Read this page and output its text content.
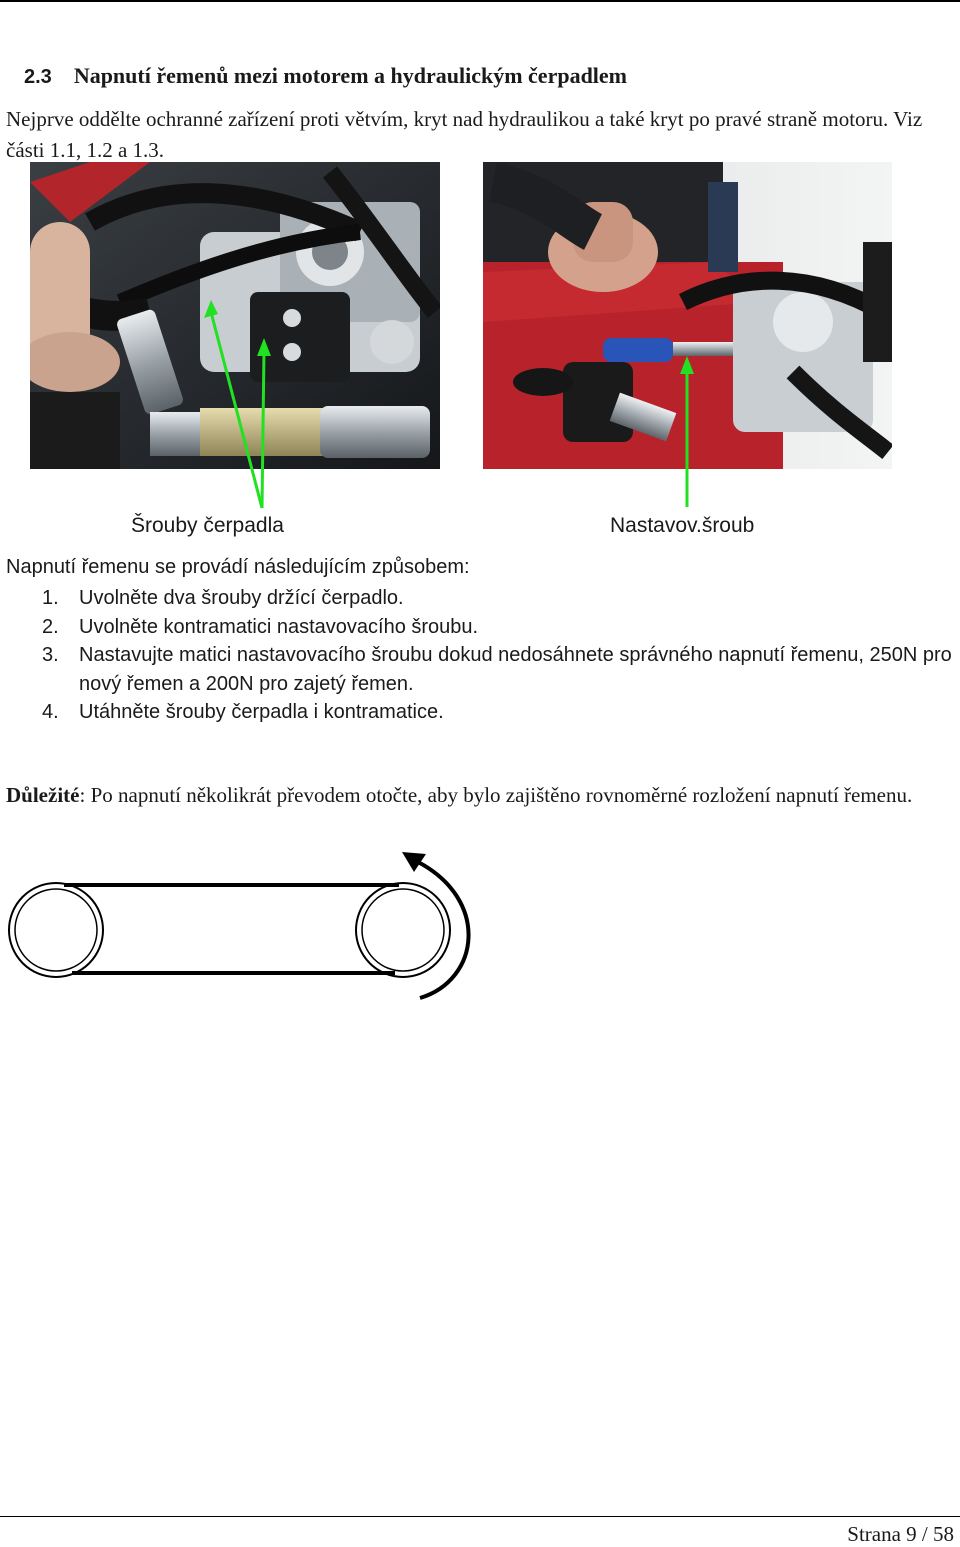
2.3 Napnutí řemenů mezi motorem a hydraulickým čerpadlem
Nejprve oddělte ochranné zařízení proti větvím, kryt nad hydraulikou a také kryt po pravé straně motoru. Viz části 1.1, 1.2 a 1.3.
Šrouby čerpadla	Nastavov.šroub
Napnutí řemenu se provádí následujícím způsobem:
1. Uvolněte dva šrouby držící čerpadlo.
2. Uvolněte kontramatici nastavovacího šroubu.
3. Nastavujte matici nastavovacího šroubu dokud nedosáhnete správného napnutí řemenu, 250N pro nový řemen a 200N pro zajetý řemen.
4. Utáhněte šrouby čerpadla i kontramatice.
Důležité: Po napnutí několikrát převodem otočte, aby bylo zajištěno rovnoměrné rozložení napnutí řemenu.
Strana 9 / 58
